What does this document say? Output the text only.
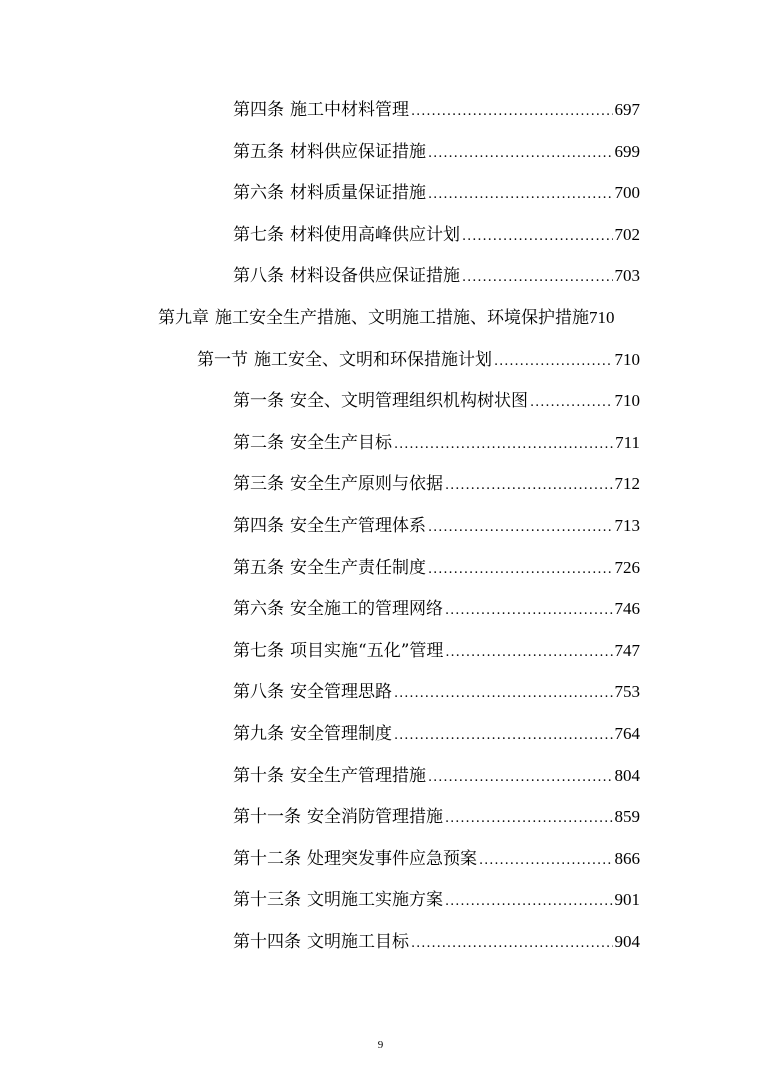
第四条 施工中材料管理 .....	697
第五条 材料供应保证措施 .....	699
第六条 材料质量保证措施 .....	700
第七条 材料使用高峰供应计划 .....	702
第八条 材料设备供应保证措施 .....	703
第九章 施工安全生产措施、文明施工措施、环境保护措施 710
第一节 施工安全、文明和环保措施计划 .....	710
第一条 安全、文明管理组织机构树状图 .....	710
第二条 安全生产目标 .....	711
第三条 安全生产原则与依据 .....	712
第四条 安全生产管理体系 .....	713
第五条 安全生产责任制度 .....	726
第六条 安全施工的管理网络 .....	746
第七条 项目实施“五化”管理 .....	747
第八条 安全管理思路 .....	753
第九条 安全管理制度 .....	764
第十条 安全生产管理措施 .....	804
第十一条 安全消防管理措施 .....	859
第十二条 处理突发事件应急预案 .....	866
第十三条 文明施工实施方案 .....	901
第十四条 文明施工目标 .....	904
9
